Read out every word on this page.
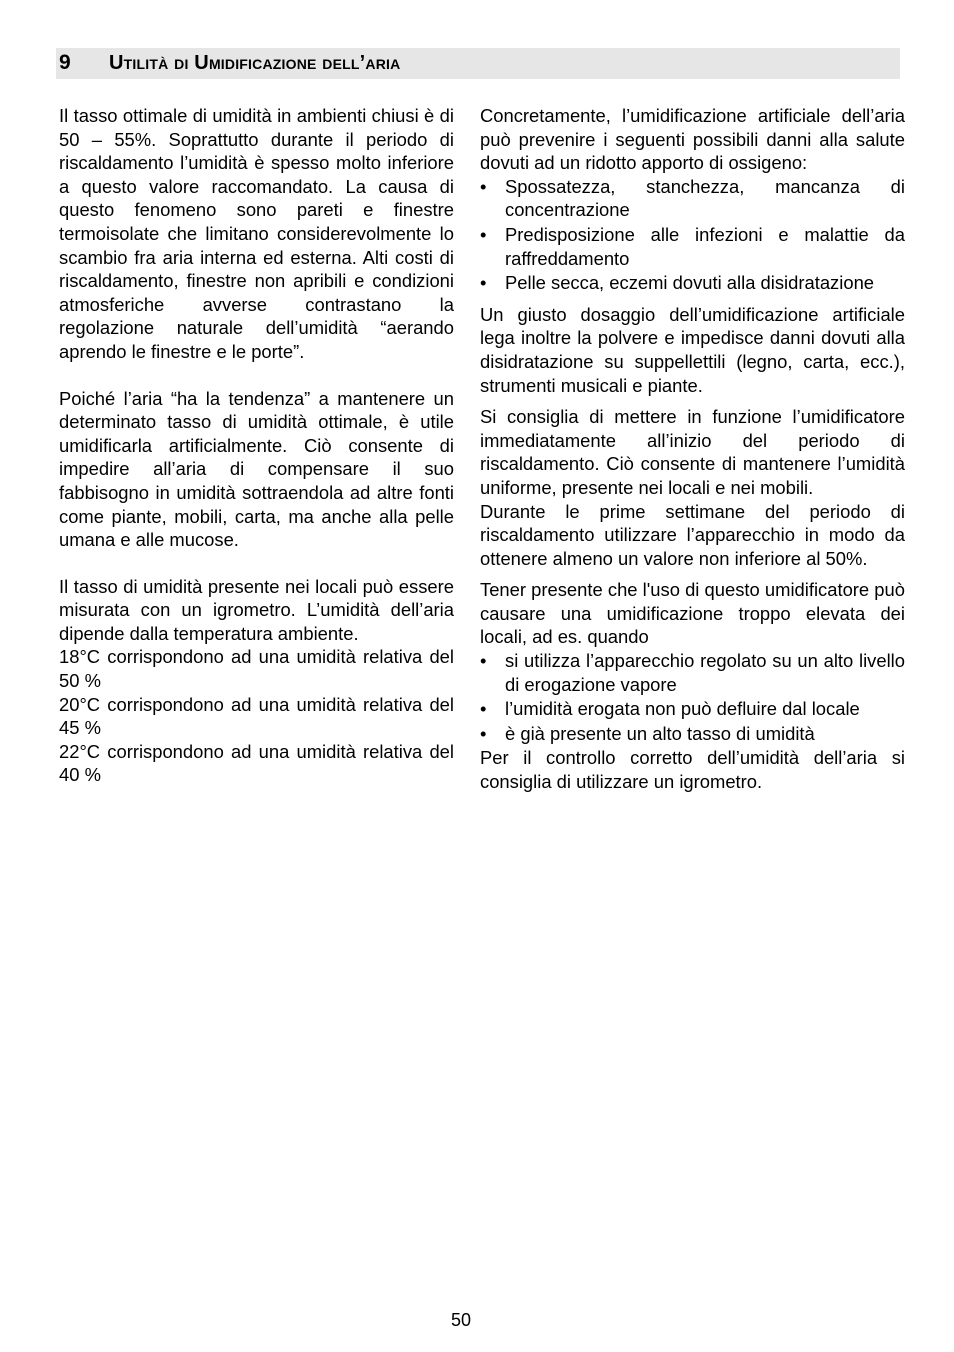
9 Utilità di Umidificazione dell’aria

Il tasso ottimale di umidità in ambienti chiusi è di 50 – 55%. Soprattutto durante il periodo di riscaldamento l’umidità è spesso molto inferiore a questo valore raccomandato. La causa di questo fenomeno sono pareti e finestre termoisolate che limitano considerevolmente lo scambio fra aria interna ed esterna. Alti costi di riscaldamento, finestre non apribili e condizioni atmosferiche avverse contrastano la regolazione naturale dell’umidità “aerando aprendo le finestre e le porte”.

Poiché l’aria “ha la tendenza” a mantenere un determinato tasso di umidità ottimale, è utile umidificarla artificialmente. Ciò consente di impedire all’aria di compensare il suo fabbisogno in umidità sottraendola ad altre fonti come piante, mobili, carta, ma anche alla pelle umana e alle mucose.

Il tasso di umidità presente nei locali può essere misurata con un igrometro. L’umidità dell’aria dipende dalla temperatura ambiente.

18°C corrispondono ad una umidità relativa del 50 %

20°C corrispondono ad una umidità relativa del 45 %

22°C corrispondono ad una umidità relativa del 40 %

Concretamente, l’umidificazione artificiale dell’aria può prevenire i seguenti possibili danni alla salute dovuti ad un ridotto apporto di ossigeno:

• Spossatezza, stanchezza, mancanza di concentrazione
• Predisposizione alle infezioni e malattie da raffreddamento
• Pelle secca, eczemi dovuti alla disidratazione

Un giusto dosaggio dell’umidificazione artificiale lega inoltre la polvere e impedisce danni dovuti alla disidratazione su suppellettili (legno, carta, ecc.), strumenti musicali e piante.

Si consiglia di mettere in funzione l’umidificatore immediatamente all’inizio del periodo di riscaldamento. Ciò consente di mantenere l’umidità uniforme, presente nei locali e nei mobili.

Durante le prime settimane del periodo di riscaldamento utilizzare l’apparecchio in modo da ottenere almeno un valore non inferiore al 50%.

Tener presente che l'uso di questo umidificatore può causare una umidificazione troppo elevata dei locali, ad es. quando

• si utilizza l’apparecchio regolato su un alto livello di erogazione vapore
• l’umidità erogata non può defluire dal locale
• è già presente un alto tasso di umidità

Per il controllo corretto dell’umidità dell’aria si consiglia di utilizzare un igrometro.

50
